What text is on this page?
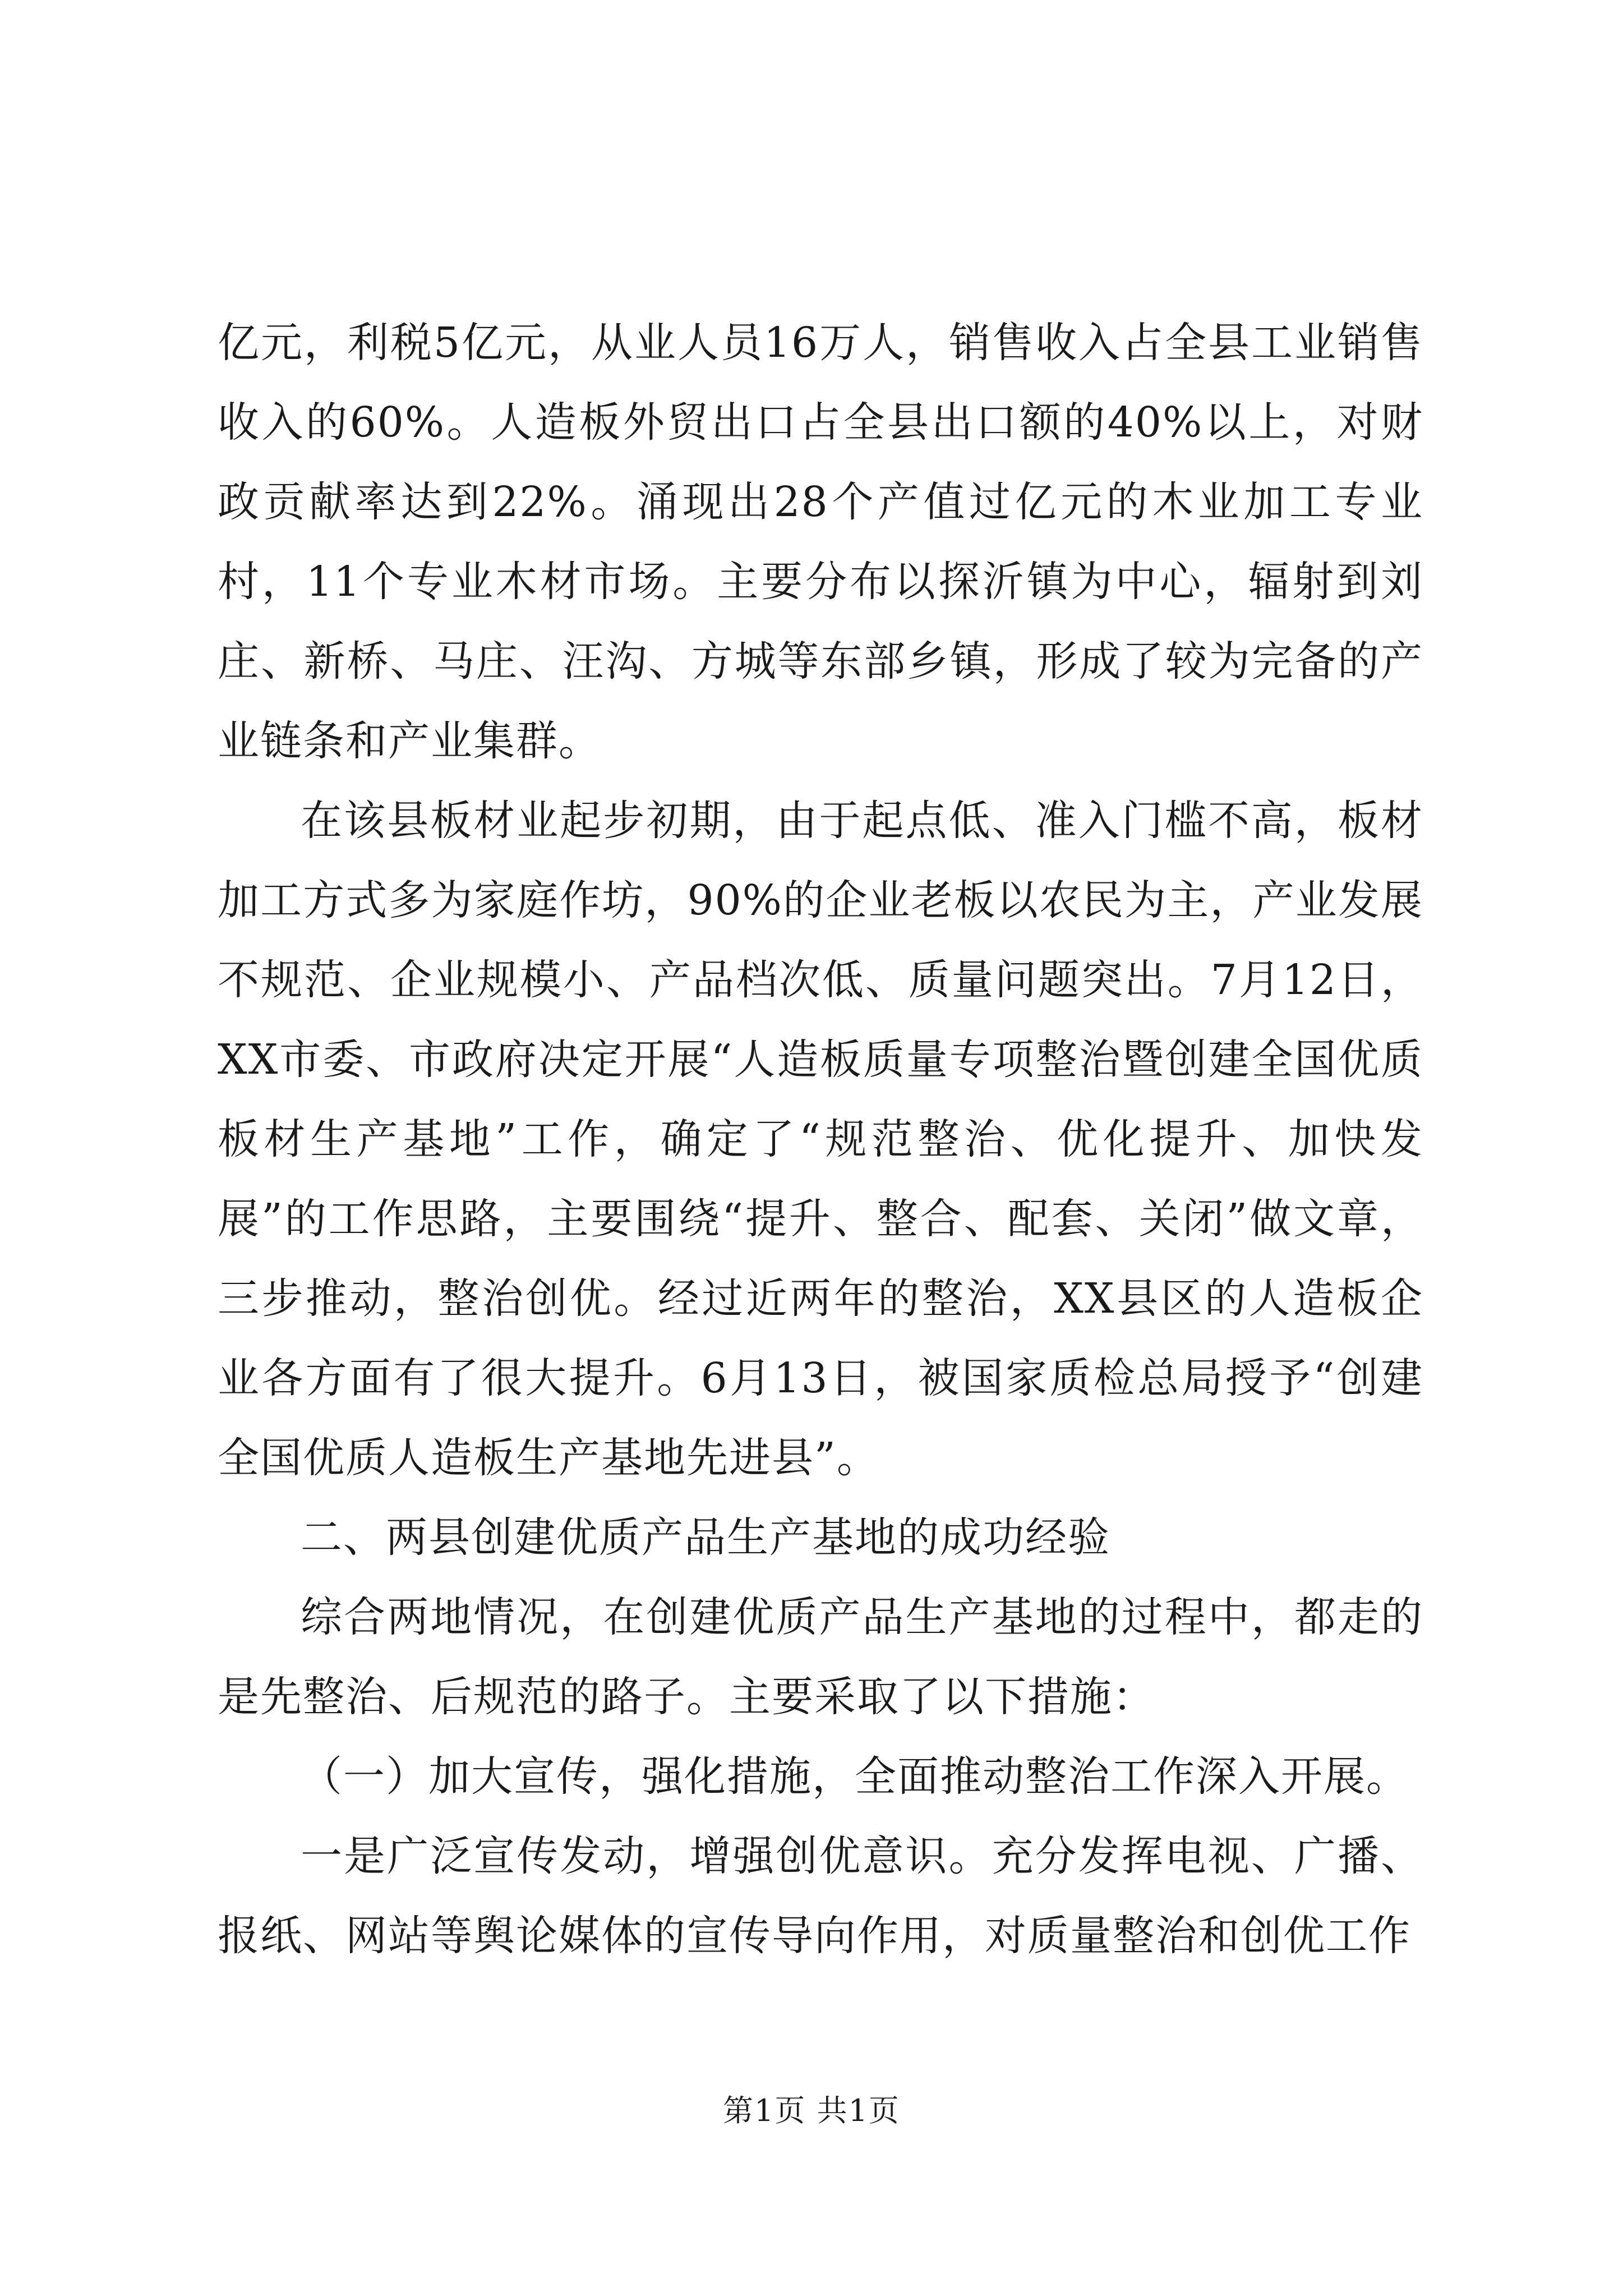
亿元，利税5亿元，从业人员16万人，销售收入占全县工业销售收入的60%。人造板外贸出口占全县出口额的40%以上，对财政贡献率达到22%。涌现出28个产值过亿元的木业加工专业村，11个专业木材市场。主要分布以探沂镇为中心，辐射到刘庄、新桥、马庄、汪沟、方城等东部乡镇，形成了较为完备的产业链条和产业集群。

在该县板材业起步初期，由于起点低、准入门槛不高，板材加工方式多为家庭作坊，90%的企业老板以农民为主，产业发展不规范、企业规模小、产品档次低、质量问题突出。7月12日，XX市委、市政府决定开展“人造板质量专项整治暨创建全国优质板材生产基地”工作，确定了“规范整治、优化提升、加快发展”的工作思路，主要围绕“提升、整合、配套、关闭”做文章，三步推动，整治创优。经过近两年的整治，XX县区的人造板企业各方面有了很大提升。6月13日，被国家质检总局授予“创建全国优质人造板生产基地先进县”。

二、两县创建优质产品生产基地的成功经验

综合两地情况，在创建优质产品生产基地的过程中，都走的是先整治、后规范的路子。主要采取了以下措施：

（一）加大宣传，强化措施，全面推动整治工作深入开展。

一是广泛宣传发动，增强创优意识。充分发挥电视、广播、报纸、网站等舆论媒体的宣传导向作用，对质量整治和创优工作

第1页 共1页
